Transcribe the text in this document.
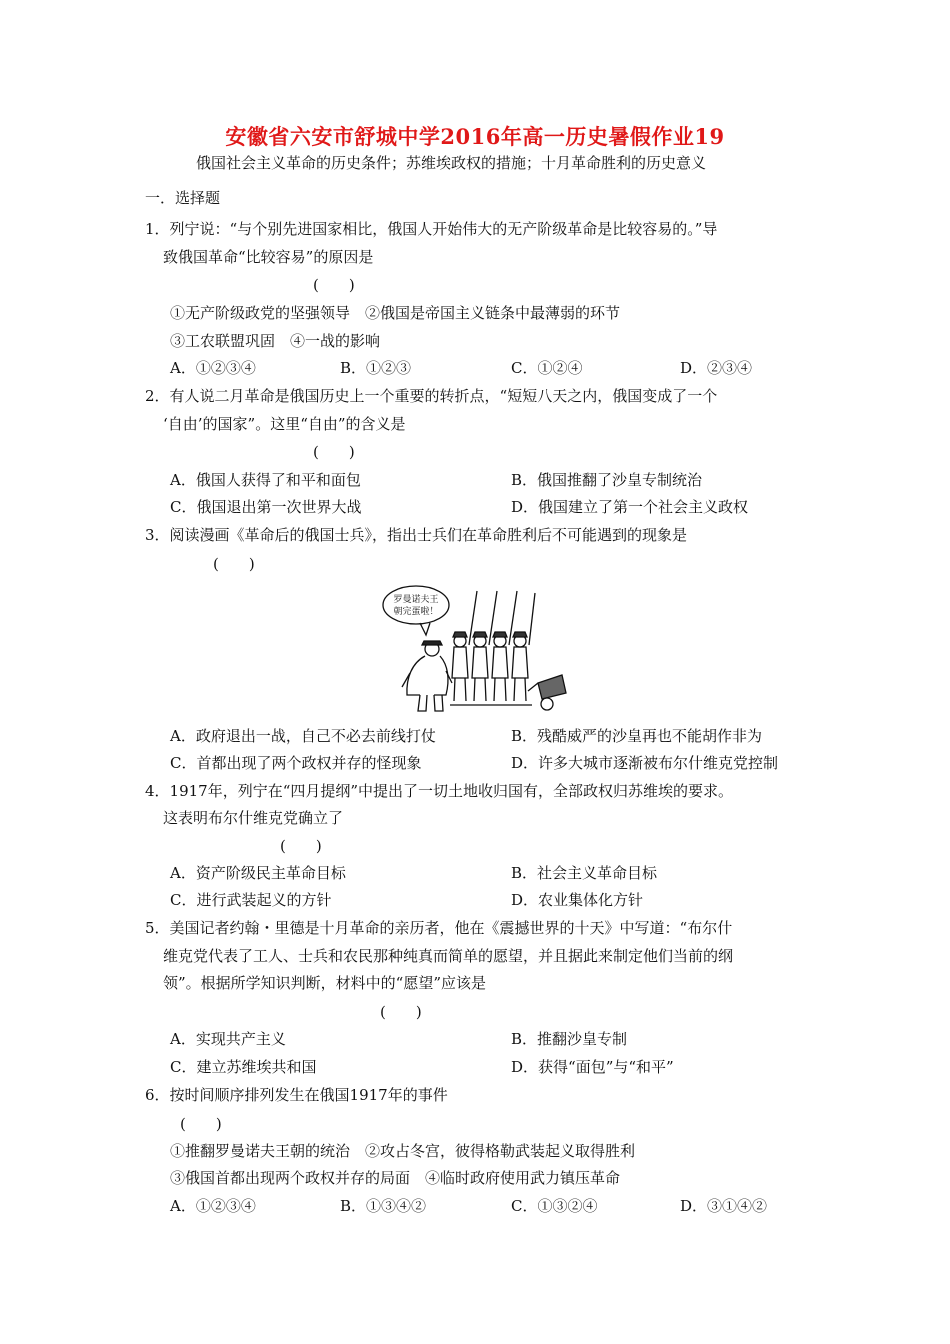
安徽省六安市舒城中学2016年高一历史暑假作业19
俄国社会主义革命的历史条件；苏维埃政权的措施；十月革命胜利的历史意义
一．选择题
1．列宁说：“与个别先进国家相比，俄国人开始伟大的无产阶级革命是比较容易的。”导
致俄国革命“比较容易”的原因是
(　　)
①无产阶级政党的坚强领导　②俄国是帝国主义链条中最薄弱的环节
③工农联盟巩固　④一战的影响
A．①②③④	B．①②③	C．①②④	D．②③④
2．有人说二月革命是俄国历史上一个重要的转折点，“短短八天之内，俄国变成了一个
‘自由’的国家”。这里“自由”的含义是
(　　)
A．俄国人获得了和平和面包	B．俄国推翻了沙皇专制统治
C．俄国退出第一次世界大战	D．俄国建立了第一个社会主义政权
3．阅读漫画《革命后的俄国士兵》，指出士兵们在革命胜利后不可能遇到的现象是
(　　)
罗曼诺夫王
朝完蛋啦！
A．政府退出一战，自己不必去前线打仗	B．残酷威严的沙皇再也不能胡作非为
C．首都出现了两个政权并存的怪现象	D．许多大城市逐渐被布尔什维克党控制
4．1917年，列宁在“四月提纲”中提出了一切土地收归国有，全部政权归苏维埃的要求。
这表明布尔什维克党确立了
(　　)
A．资产阶级民主革命目标	B．社会主义革命目标
C．进行武装起义的方针	D．农业集体化方针
5．美国记者约翰・里德是十月革命的亲历者，他在《震撼世界的十天》中写道：“布尔什
维克党代表了工人、士兵和农民那种纯真而简单的愿望，并且据此来制定他们当前的纲
领”。根据所学知识判断，材料中的“愿望”应该是
(　　)
A．实现共产主义	B．推翻沙皇专制
C．建立苏维埃共和国	D．获得“面包”与“和平”
6．按时间顺序排列发生在俄国1917年的事件
(　　)
①推翻罗曼诺夫王朝的统治　②攻占冬宫，彼得格勒武装起义取得胜利
③俄国首都出现两个政权并存的局面　④临时政府使用武力镇压革命
A．①②③④	B．①③④②	C．①③②④	D．③①④②
